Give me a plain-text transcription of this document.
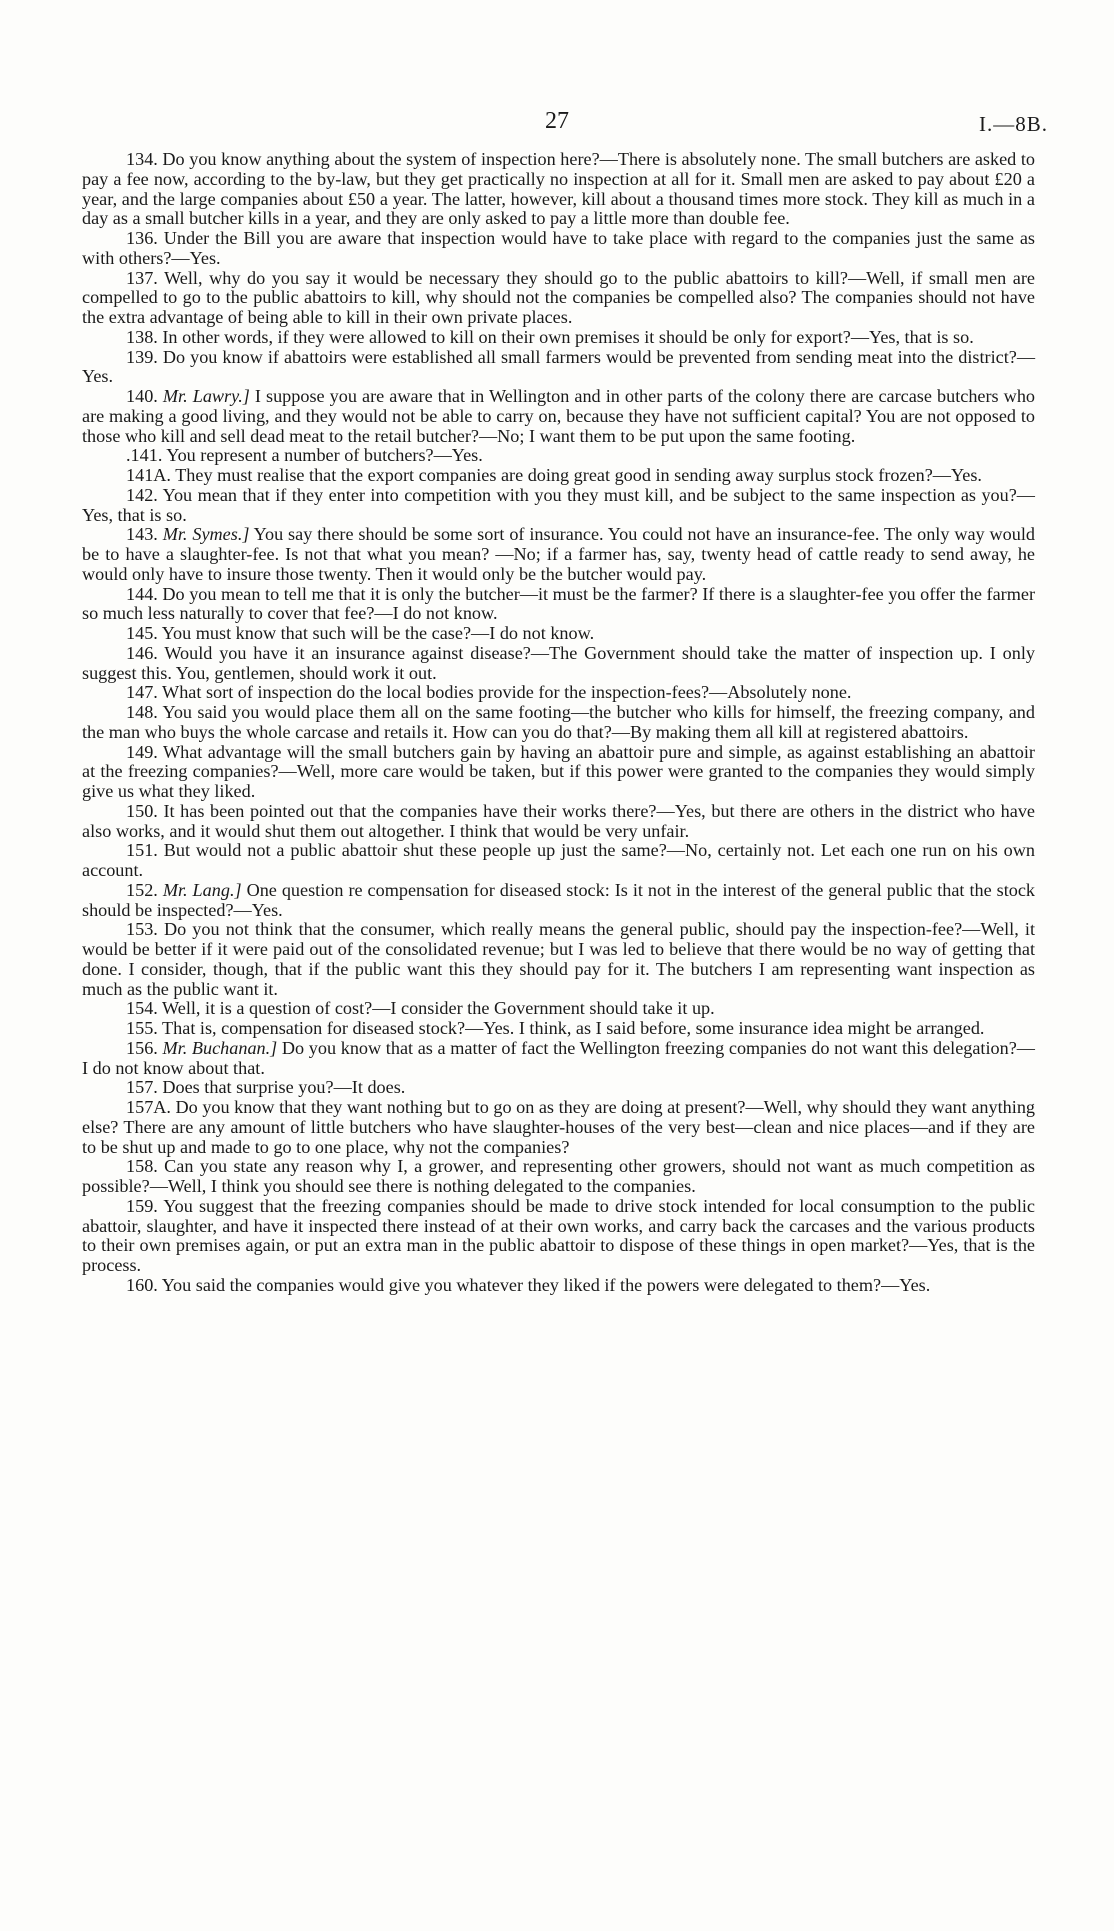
27	I.—8B.

134. Do you know anything about the system of inspection here?—There is absolutely none. The small butchers are asked to pay a fee now, according to the by-law, but they get practically no inspection at all for it. Small men are asked to pay about £20 a year, and the large companies about £50 a year. The latter, however, kill about a thousand times more stock. They kill as much in a day as a small butcher kills in a year, and they are only asked to pay a little more than double fee.

136. Under the Bill you are aware that inspection would have to take place with regard to the companies just the same as with others?—Yes.

137. Well, why do you say it would be necessary they should go to the public abattoirs to kill?—Well, if small men are compelled to go to the public abattoirs to kill, why should not the companies be compelled also? The companies should not have the extra advantage of being able to kill in their own private places.

138. In other words, if they were allowed to kill on their own premises it should be only for export?—Yes, that is so.

139. Do you know if abattoirs were established all small farmers would be prevented from sending meat into the district?—Yes.

140. Mr. Lawry.] I suppose you are aware that in Wellington and in other parts of the colony there are carcase butchers who are making a good living, and they would not be able to carry on, because they have not sufficient capital? You are not opposed to those who kill and sell dead meat to the retail butcher?—No; I want them to be put upon the same footing.

.141. You represent a number of butchers?—Yes.

141A. They must realise that the export companies are doing great good in sending away surplus stock frozen?—Yes.

142. You mean that if they enter into competition with you they must kill, and be subject to the same inspection as you?—Yes, that is so.

143. Mr. Symes.] You say there should be some sort of insurance. You could not have an insurance-fee. The only way would be to have a slaughter-fee. Is not that what you mean? —No; if a farmer has, say, twenty head of cattle ready to send away, he would only have to insure those twenty. Then it would only be the butcher would pay.

144. Do you mean to tell me that it is only the butcher—it must be the farmer? If there is a slaughter-fee you offer the farmer so much less naturally to cover that fee?—I do not know.

145. You must know that such will be the case?—I do not know.

146. Would you have it an insurance against disease?—The Government should take the matter of inspection up. I only suggest this. You, gentlemen, should work it out.

147. What sort of inspection do the local bodies provide for the inspection-fees?—Absolutely none.

148. You said you would place them all on the same footing—the butcher who kills for himself, the freezing company, and the man who buys the whole carcase and retails it. How can you do that?—By making them all kill at registered abattoirs.

149. What advantage will the small butchers gain by having an abattoir pure and simple, as against establishing an abattoir at the freezing companies?—Well, more care would be taken, but if this power were granted to the companies they would simply give us what they liked.

150. It has been pointed out that the companies have their works there?—Yes, but there are others in the district who have also works, and it would shut them out altogether. I think that would be very unfair.

151. But would not a public abattoir shut these people up just the same?—No, certainly not. Let each one run on his own account.

152. Mr. Lang.] One question re compensation for diseased stock: Is it not in the interest of the general public that the stock should be inspected?—Yes.

153. Do you not think that the consumer, which really means the general public, should pay the inspection-fee?—Well, it would be better if it were paid out of the consolidated revenue; but I was led to believe that there would be no way of getting that done. I consider, though, that if the public want this they should pay for it. The butchers I am representing want inspection as much as the public want it.

154. Well, it is a question of cost?—I consider the Government should take it up.

155. That is, compensation for diseased stock?—Yes. I think, as I said before, some insurance idea might be arranged.

156. Mr. Buchanan.] Do you know that as a matter of fact the Wellington freezing companies do not want this delegation?—I do not know about that.

157. Does that surprise you?—It does.

157A. Do you know that they want nothing but to go on as they are doing at present?—Well, why should they want anything else? There are any amount of little butchers who have slaughter-houses of the very best—clean and nice places—and if they are to be shut up and made to go to one place, why not the companies?

158. Can you state any reason why I, a grower, and representing other growers, should not want as much competition as possible?—Well, I think you should see there is nothing delegated to the companies.

159. You suggest that the freezing companies should be made to drive stock intended for local consumption to the public abattoir, slaughter, and have it inspected there instead of at their own works, and carry back the carcases and the various products to their own premises again, or put an extra man in the public abattoir to dispose of these things in open market?—Yes, that is the process.

160. You said the companies would give you whatever they liked if the powers were delegated to them?—Yes.
